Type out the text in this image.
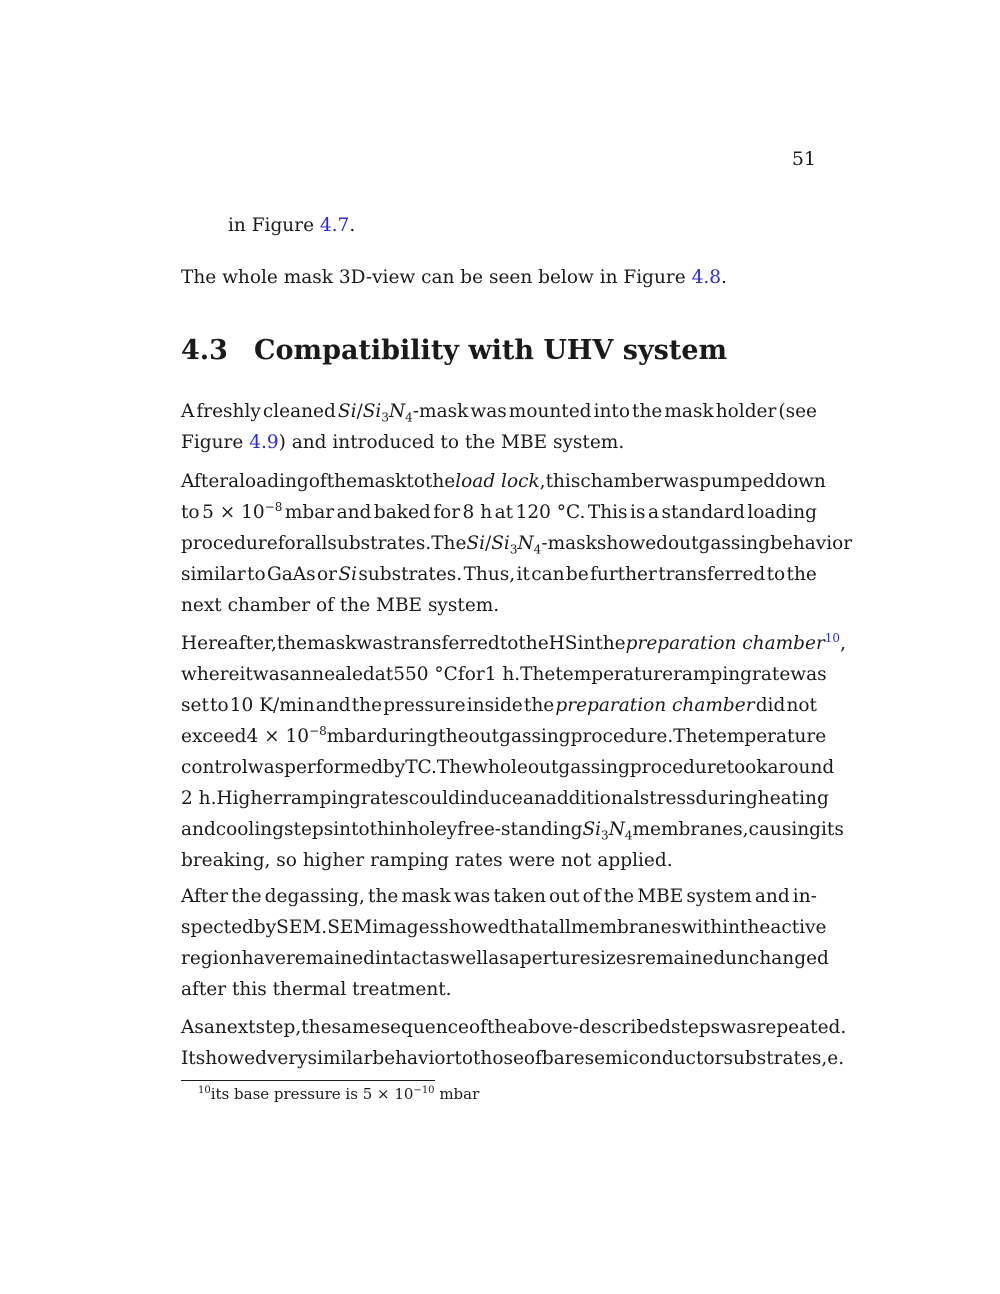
51
in Figure 4.7.
The whole mask 3D-view can be seen below in Figure 4.8.
4.3 Compatibility with UHV system
A freshly cleaned $Si/Si_3N_4$-mask was mounted into the mask holder (see
Figure 4.9) and introduced to the MBE system.
After a loading of the mask to the load lock , this chamber was pumped down
to $5 \times 10^{-8}$ mbar and baked for 8 h at 120 °C. This is a standard loading
procedure for all substrates. The $Si/Si_3N_4$-mask showed outgassing behavior
similar to GaAs or Si substrates. Thus, it can be further transferred to the
next chamber of the MBE system.
Hereafter, the mask was transferred to the HS in the preparation chamber$^{10}$,
where it was annealed at 550 °C for 1 h. The temperature ramping rate was
set to 10 K/min and the pressure inside the preparation chamber did not
exceed $4 \times 10^{-8}$ mbar during the outgassing procedure. The temperature
control was performed by TC. The whole outgassing procedure took around
2 h. Higher ramping rates could induce an additional stress during heating
and cooling steps into thin holey free-standing $Si_3N_4$ membranes, causing its
breaking, so higher ramping rates were not applied.
After the degassing, the mask was taken out of the MBE system and in-
spected by SEM. SEM images showed that all membranes within the active
region have remained intact as well as aperture sizes remained unchanged
after this thermal treatment.
As a next step, the same sequence of the above-described steps was repeated.
It showed very similar behavior to those of bare semiconductor substrates, e.
$^{10}$its base pressure is $5 \times 10^{-10}$ mbar
